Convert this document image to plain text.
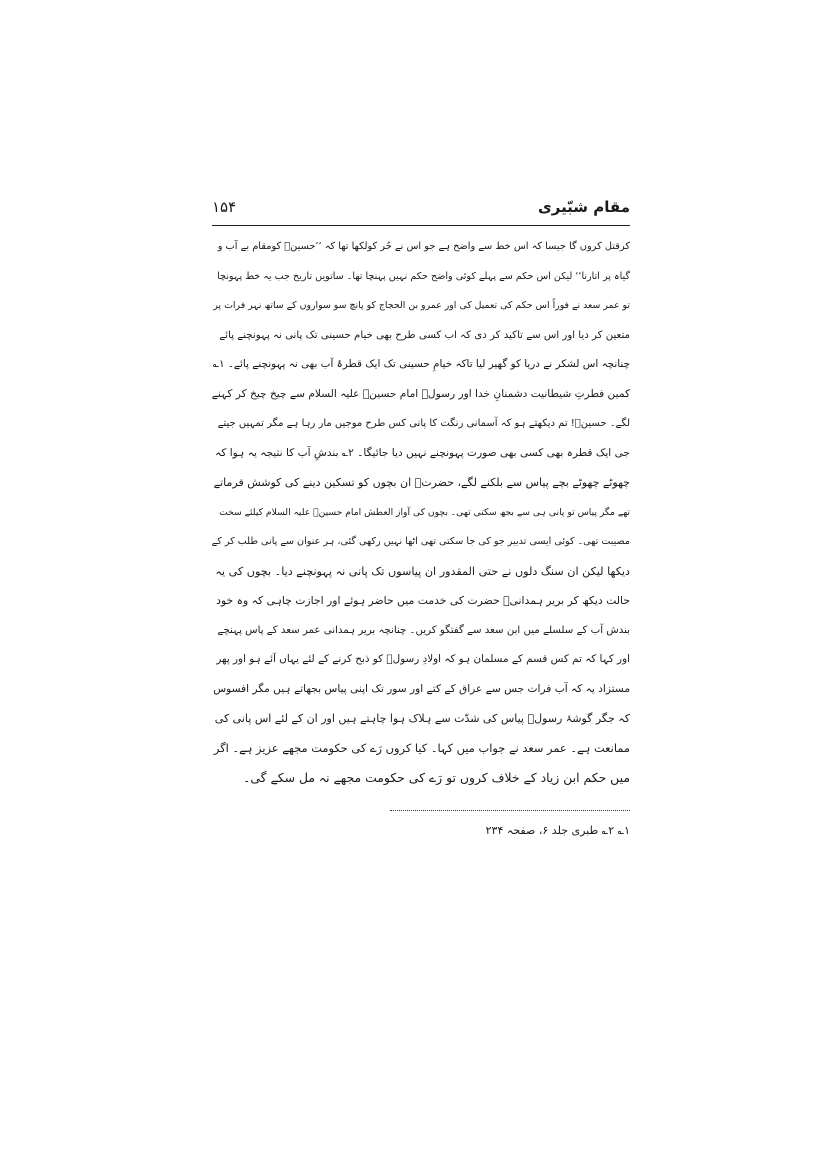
مقام شبّیری
۱۵۴
کرقتل کروں گا جیسا کہ اس خط سے واضح ہے جو اس نے حُر کولکھا تھا کہ ’’حسینؑ کومقام بے آب و
گیاہ پر اتارنا‘‘ لیکن اس حکم سے پہلے کوئی واضح حکم نہیں پہنچا تھا۔ ساتویں تاریخ جب یہ خط پہونچا
تو عمر سعد نے فوراً اس حکم کی تعمیل کی اور عمرو بن الحجاج کو پانچ سو سواروں کے ساتھ نہر فرات پر
متعین کر دیا اور اس سے تاکید کر دی کہ اب کسی طرح بھی خیام حسینی تک پانی نہ پہونچنے پائے
چنانچہ اس لشکر نے دریا کو گھیر لیا تاکہ خیامِ حسینی تک ایک قطرۂ آب بھی نہ پہونچنے پائے۔ ۱؎
کمین فطرتِ شیطانیت دشمنانِ خدا اور رسولؐ امام حسینؑ علیہ السلام سے چیخ چیخ کر کہنے
لگے۔ حسینؑ! تم دیکھتے ہو کہ آسمانی رنگت کا پانی کس طرح موجیں مار رہا ہے مگر تمہیں جیتے
جی ایک قطرہ بھی کسی بھی صورت پہونچنے نہیں دیا جائیگا۔ ۲؎ بندشِ آب کا نتیجہ یہ ہوا کہ
چھوٹے چھوٹے بچے پیاس سے بلکنے لگے، حضرتؑ ان بچوں کو تسکین دینے کی کوشش فرماتے
تھے مگر پیاس تو پانی ہی سے بجھ سکتی تھی۔ بچوں کی آواز العطش امام حسینؑ علیہ السلام کیلئے سخت
مصیبت تھی۔ کوئی ایسی تدبیر جو کی جا سکتی تھی اٹھا نہیں رکھی گئی، ہر عنوان سے پانی طلب کر کے
دیکھا لیکن ان سنگ دلوں نے حتی المقدور ان پیاسوں تک پانی نہ پہونچنے دیا۔ بچوں کی یہ
حالت دیکھ کر بریر ہمدانیؒ حضرت کی خدمت میں حاضر ہوئے اور اجازت چاہی کہ وہ خود
بندش آب کے سلسلے میں ابن سعد سے گفتگو کریں۔ چنانچہ بریر ہمدانی عمر سعد کے پاس پہنچے
اور کہا کہ تم کس قسم کے مسلمان ہو کہ اولادِ رسولؐ کو ذبح کرنے کے لئے یہاں آئے ہو اور پھر
مستزاد یہ کہ آب فرات جس سے عراق کے کتے اور سور تک اپنی پیاس بجھاتے ہیں مگر افسوس
کہ جگر گوشۂ رسولؐ پیاس کی شدّت سے ہلاک ہوا چاہتے ہیں اور ان کے لئے اس پانی کی
ممانعت ہے۔ عمر سعد نے جواب میں کہا۔ کیا کروں رَے کی حکومت مجھے عزیز ہے۔ اگر
میں حکم ابن زیاد کے خلاف کروں تو رَے کی حکومت مجھے نہ مل سکے گی۔
۱؎ ۲؎ طبری جلد ۶، صفحہ ۲۳۴
